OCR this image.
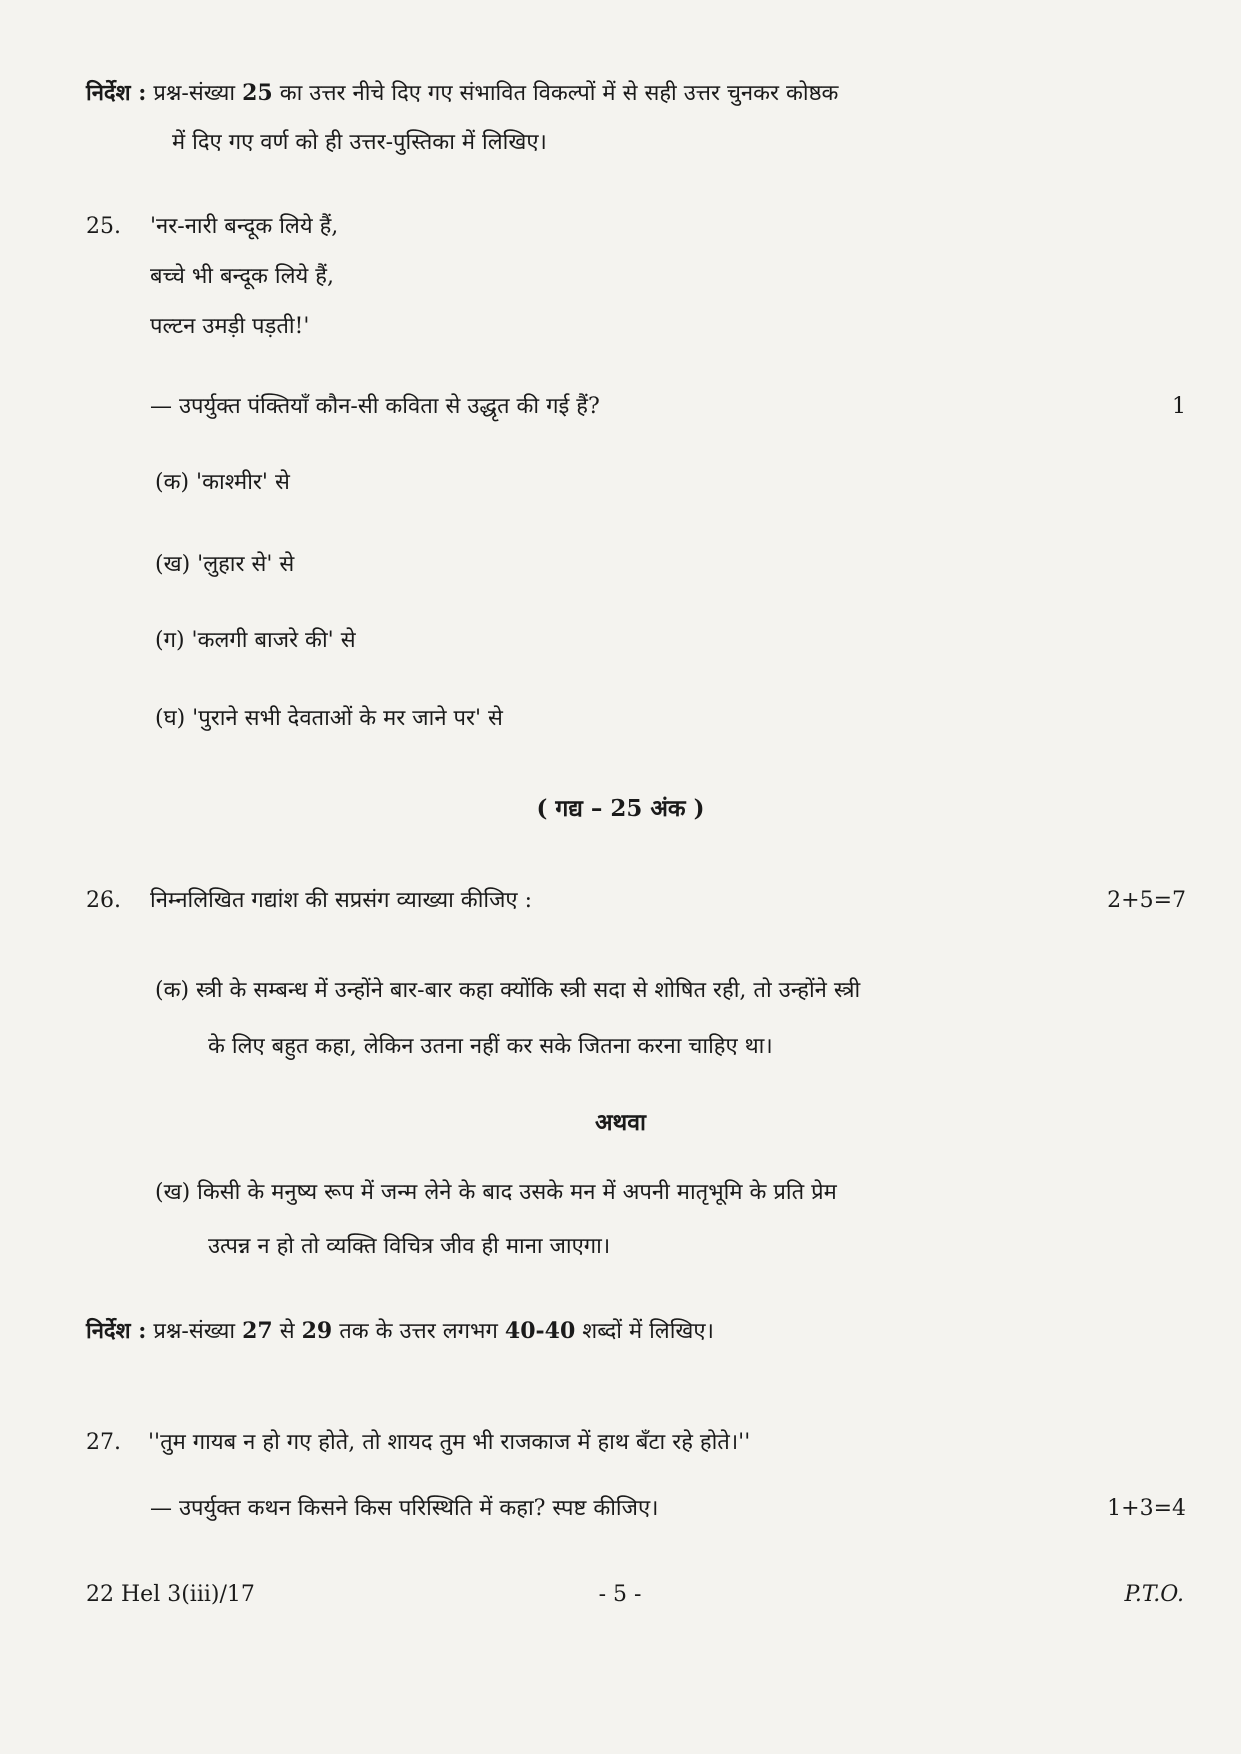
निर्देश : प्रश्न-संख्या 25 का उत्तर नीचे दिए गए संभावित विकल्पों में से सही उत्तर चुनकर कोष्ठक
में दिए गए वर्ण को ही उत्तर-पुस्तिका में लिखिए।
25. 'नर-नारी बन्दूक लिये हैं,
बच्चे भी बन्दूक लिये हैं,
पल्टन उमड़ी पड़ती!'
— उपर्युक्त पंक्तियाँ कौन-सी कविता से उद्धृत की गई हैं?	1
(क) 'काश्मीर' से
(ख) 'लुहार से' से
(ग) 'कलगी बाजरे की' से
(घ) 'पुराने सभी देवताओं के मर जाने पर' से
( गद्य – 25 अंक )
26. निम्नलिखित गद्यांश की सप्रसंग व्याख्या कीजिए :	2+5=7
(क) स्त्री के सम्बन्ध में उन्होंने बार-बार कहा क्योंकि स्त्री सदा से शोषित रही, तो उन्होंने स्त्री
के लिए बहुत कहा, लेकिन उतना नहीं कर सके जितना करना चाहिए था।
अथवा
(ख) किसी के मनुष्य रूप में जन्म लेने के बाद उसके मन में अपनी मातृभूमि के प्रति प्रेम
उत्पन्न न हो तो व्यक्ति विचित्र जीव ही माना जाएगा।
निर्देश : प्रश्न-संख्या 27 से 29 तक के उत्तर लगभग 40-40 शब्दों में लिखिए।
27. ''तुम गायब न हो गए होते, तो शायद तुम भी राजकाज में हाथ बँटा रहे होते।''
— उपर्युक्त कथन किसने किस परिस्थिति में कहा? स्पष्ट कीजिए।	1+3=4
22 Hel 3(iii)/17	- 5 -	P.T.O.
